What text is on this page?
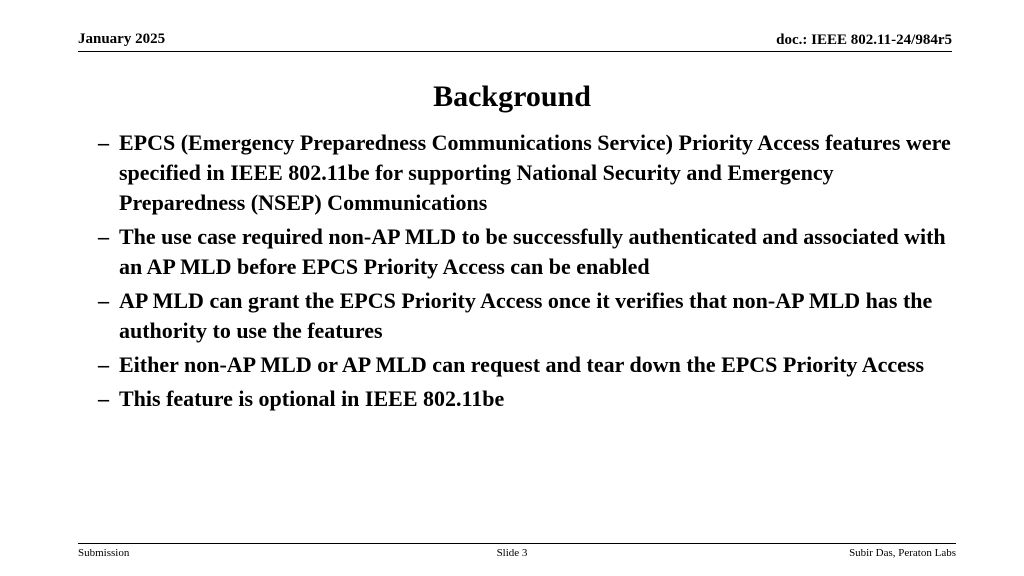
January 2025	doc.: IEEE 802.11-24/984r5
Background
– EPCS (Emergency Preparedness Communications Service) Priority Access features were specified in IEEE 802.11be for supporting National Security and Emergency Preparedness (NSEP) Communications
– The use case required non-AP MLD to be successfully authenticated and associated with an AP MLD before EPCS Priority Access can be enabled
– AP MLD can grant the EPCS Priority Access once it verifies that non-AP MLD has the authority to use the features
– Either non-AP MLD or AP MLD can request and tear down the EPCS Priority Access
– This feature is optional in IEEE 802.11be
Submission	Slide 3	Subir Das, Peraton Labs
